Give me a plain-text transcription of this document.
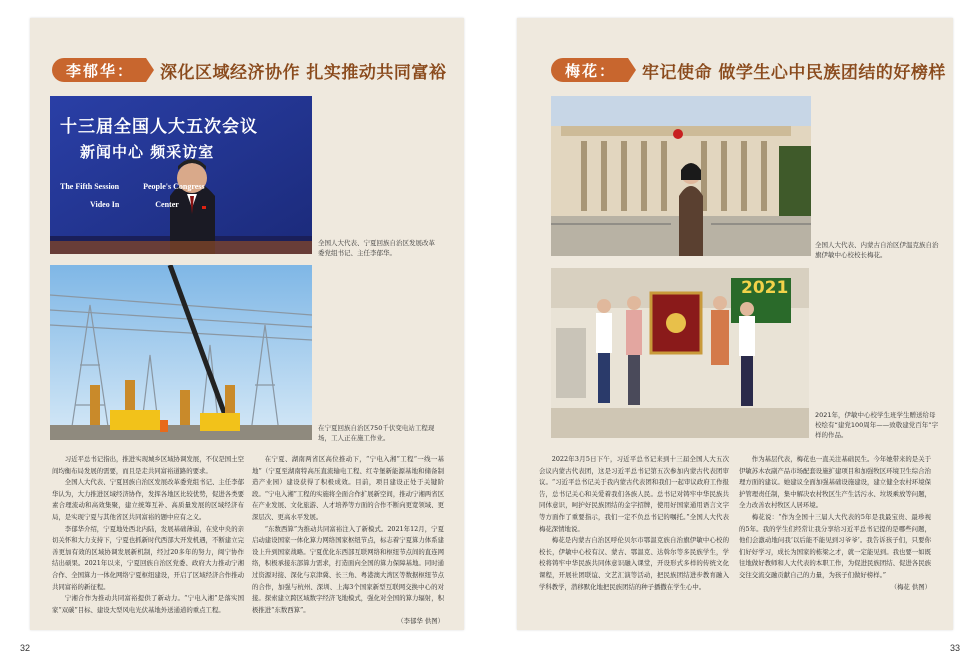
李郁华：	深化区域经济协作 扎实推动共同富裕
十三届全国人大五次会议
新闻中心 频采访室
The Fifth Session            People's Congress
Video In                  Center
全国人大代表、宁夏回族自治区发展改革委党组书记、主任李郁华。
在宁夏回族自治区750千伏变电站工程现场，工人正在施工作业。

习近平总书记指出，推进实现城乡区域协调发展，不仅是国土空间均衡布局发展的需要，而且是走共同富裕道路的要求。

全国人大代表、宁夏回族自治区发展改革委党组书记、主任李郁华认为，大力推进区域经济协作，发挥各地区比较优势，促进各类要素合理流动和高效集聚，建立统筹互补、高质量发展的区域经济布局，是实现宁夏与其他省区共同富裕的题中应有之义。

李郁华介绍，宁夏地处西北内陆，发展基础薄弱，在党中央的亲切关怀和大力支持下，宁夏也抓新时代西部大开发机遇，不断建立完善更加有效的区域协调发展新机制，经过20多年的努力，闽宁协作结出硕果。2021年以来，宁夏回族自治区党委、政府大力推动宁湘合作、全国算力一体化网络宁夏枢纽建设，开启了区域经济合作推动共同富裕的新征程。

宁湘合作为推动共同富裕提供了新动力。“宁电入湘”是落实国家“双碳”目标、建设大型风电光伏基地外送通道的重点工程。

在宁夏、湖南两省区高位推动下，“宁电入湘”工程“一线一基地”（宁夏至湖南特高压直流输电工程、红寺堡新能源基地和储备制造产业园）建设获得了积极成效。目前，项目建设正处于关键阶段。“宁电入湘”工程的实施将全面合作扩展新空间，推动宁湘两省区在产业发展、文化旅游、人才培养等方面的合作不断向更宽领域、更深层次、更高水平发展。

“东数西算”为推动共同富裕注入了新模式。2021年12月，宁夏启动建设国家一体化算力网络国家枢纽节点，标志着宁夏算力体系建设上升到国家战略。宁夏优化东西部互联网络和枢纽节点间的直连网络，积极承接东部算力需求，打造面向全国的算力保障基地。同时通过资源对接、深化与京津冀、长三角、粤港澳大湾区等数据枢纽节点的合作，加强与杭州、深圳、上海3个国家新型互联网交换中心的对接。探索建立跨区域数字经济飞地模式，强化对全国的算力辐射，积极推进“东数西算”。

（李郁华 供图）

32
梅花：	牢记使命 做学生心中民族团结的好榜样
全国人大代表、内蒙古自治区伊温克族自治旗伊敏中心校校长梅花。
2021
2021年，伊敏中心校学生班学生赠送给母校绘有“建党100周年——致敬建党百年”字样的作品。

2022年3月5日下午，习近平总书记来到十三届全国人大五次会议内蒙古代表团，这是习近平总书记第五次参加内蒙古代表团审议。“习近平总书记关于我内蒙古代表团和我们一起审议政府工作报告，总书记关心和关爱着我们各族人民。总书记对铸牢中华民族共同体意识，呵护好民族团结的金字招牌，使用好国家通用语言文字等方面作了重要指示，我们一定不负总书记的嘱托。”全国人大代表梅花深情地说。

梅花是内蒙古自治区呼伦贝尔市鄂温克族自治旗伊敏中心校的校长，伊敏中心校有汉、蒙古、鄂温克、达斡尔等多民族学生，学校将铸牢中华民族共同体意识融入课堂，开设形式多样的传统文化课程，开展社团联谊、文艺汇演等活动，把民族团结进步教育融入学科教学，潜移默化地把民族团结的种子播撒在学生心中。

作为基层代表，梅花也一直关注基础民生。今年她带来的是关于伊敏苏木农副产品市场配套设施扩建项目和加强牧区环境卫生综合治理方面的建议。她建议全面加强基础设施建设，建立健全农村环境保护管理责任制，集中解决农村牧区生产生活污水、垃圾乘放等问题，全力改善农村牧区人居环境。

梅花说：“作为全国十三届人大代表的5年是我最宝贵、最珍视的5年。我的学生们经常让我分享给习近平总书记提的是哪些问题，他们会激动地问我‘以后能不能见到习爷爷’。我告诉孩子们，只要你们好好学习，成长为国家的栋梁之才，就一定能见到。我也要一如既往地做好教师和人大代表的本职工作，为促进民族团结、促进各民族交往交流交融贡献自己的力量，为孩子们做好榜样。”

（梅花 供图）

33
